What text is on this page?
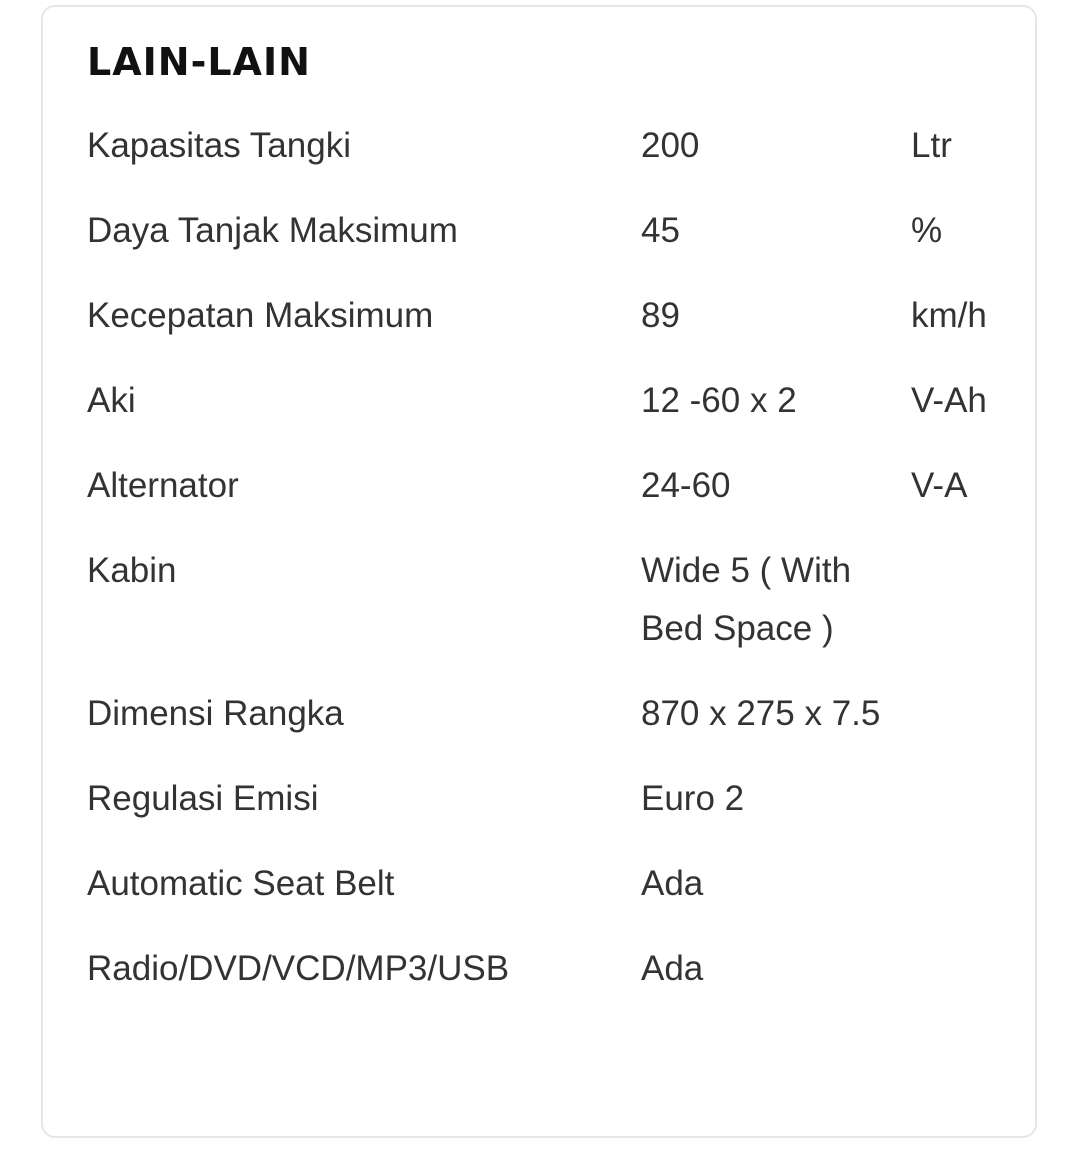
LAIN-LAIN
Kapasitas Tangki	200	Ltr
Daya Tanjak Maksimum	45	%
Kecepatan Maksimum	89	km/h
Aki	12 -60 x 2	V-Ah
Alternator	24-60	V-A
Kabin	Wide 5 ( With Bed Space )
Dimensi Rangka	870 x 275 x 7.5
Regulasi Emisi	Euro 2
Automatic Seat Belt	Ada
Radio/DVD/VCD/MP3/USB	Ada
